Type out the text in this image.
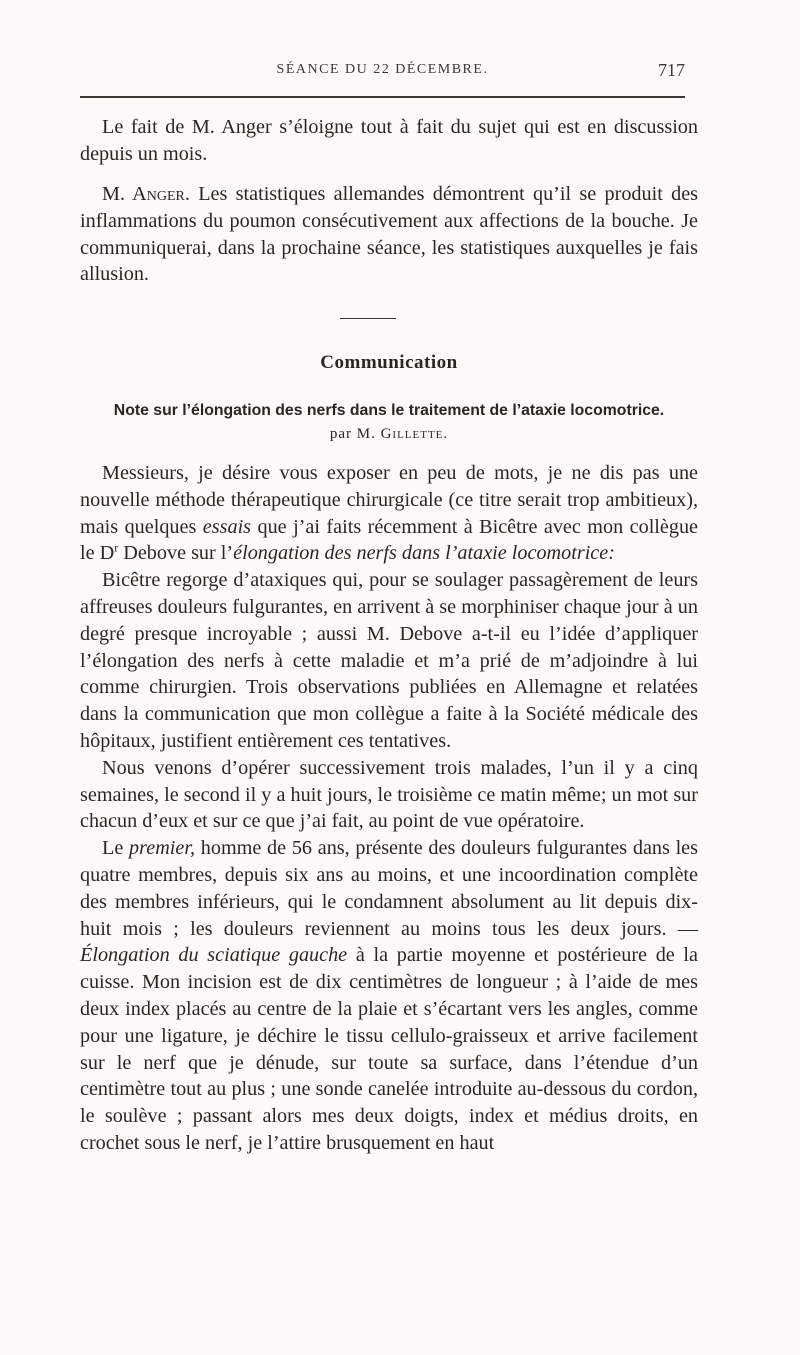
SÉANCE DU 22 DÉCEMBRE.	717

Le fait de M. Anger s’éloigne tout à fait du sujet qui est en discussion depuis un mois.

M. Anger. Les statistiques allemandes démontrent qu’il se produit des inflammations du poumon consécutivement aux affections de la bouche. Je communiquerai, dans la prochaine séance, les statistiques auxquelles je fais allusion.

Communication
Note sur l’élongation des nerfs dans le traitement de l’ataxie locomotrice.
par M. Gillette.

Messieurs, je désire vous exposer en peu de mots, je ne dis pas une nouvelle méthode thérapeutique chirurgicale (ce titre serait trop ambitieux), mais quelques essais que j’ai faits récemment à Bicêtre avec mon collègue le $D^r$ Debove sur l’élongation des nerfs dans l’ataxie locomotrice:

Bicêtre regorge d’ataxiques qui, pour se soulager passagèrement de leurs affreuses douleurs fulgurantes, en arrivent à se morphiniser chaque jour à un degré presque incroyable ; aussi M. Debove a-t-il eu l’idée d’appliquer l’élongation des nerfs à cette maladie et m’a prié de m’adjoindre à lui comme chirurgien. Trois observations publiées en Allemagne et relatées dans la communication que mon collègue a faite à la Société médicale des hôpitaux, justifient entièrement ces tentatives.

Nous venons d’opérer successivement trois malades, l’un il y a cinq semaines, le second il y a huit jours, le troisième ce matin même; un mot sur chacun d’eux et sur ce que j’ai fait, au point de vue opératoire.

Le premier, homme de 56 ans, présente des douleurs fulgurantes dans les quatre membres, depuis six ans au moins, et une incoordination complète des membres inférieurs, qui le condamnent absolument au lit depuis dix-huit mois ; les douleurs reviennent au moins tous les deux jours. — Élongation du sciatique gauche à la partie moyenne et postérieure de la cuisse. Mon incision est de dix centimètres de longueur ; à l’aide de mes deux index placés au centre de la plaie et s’écartant vers les angles, comme pour une ligature, je déchire le tissu cellulo-graisseux et arrive facilement sur le nerf que je dénude, sur toute sa surface, dans l’étendue d’un centimètre tout au plus ; une sonde canelée introduite au-dessous du cordon, le soulève ; passant alors mes deux doigts, index et médius droits, en crochet sous le nerf, je l’attire brusquement en haut
